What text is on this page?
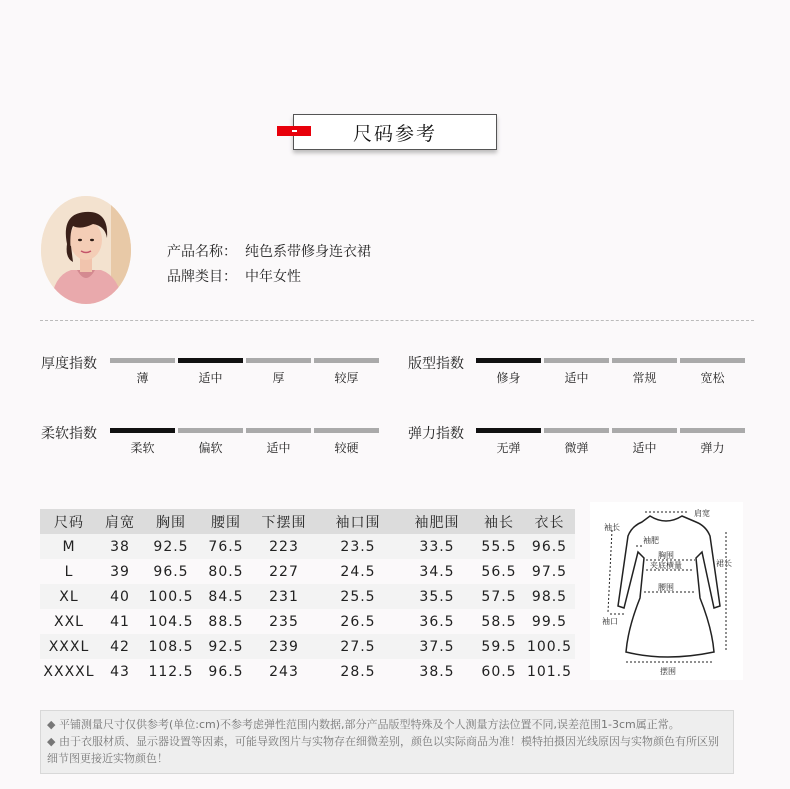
尺码参考
产品名称： 纯色系带修身连衣裙
品牌类目： 中年女性
厚度指数
薄	适中	厚	较厚
版型指数
修身	适中	常规	宽松
柔软指数
柔软	偏软	适中	较硬
弹力指数
无弹	微弹	适中	弹力
尺码	肩宽	胸围	腰围	下摆围	袖口围	袖肥围	袖长	衣长
M	38	92.5	76.5	223	23.5	33.5	55.5	96.5
L	39	96.5	80.5	227	24.5	34.5	56.5	97.5
XL	40	100.5	84.5	231	25.5	35.5	57.5	98.5
XXL	41	104.5	88.5	235	26.5	36.5	58.5	99.5
XXXL	42	108.5	92.5	239	27.5	37.5	59.5	100.5
XXXXL	43	112.5	96.5	243	28.5	38.5	60.5	101.5
肩宽
袖长
袖肥
胸围
夹底横量
腰围
裙长
袖口
摆围

◆ 平铺测量尺寸仅供参考(单位:cm)不参考虑弹性范围内数据,部分产品版型特殊及个人测量方法位置不同,误差范围1-3cm属正常。

◆ 由于衣服材质、显示器设置等因素，可能导致图片与实物存在细微差别，颜色以实际商品为准！模特拍摄因光线原因与实物颜色有所区别细节图更接近实物颜色！
